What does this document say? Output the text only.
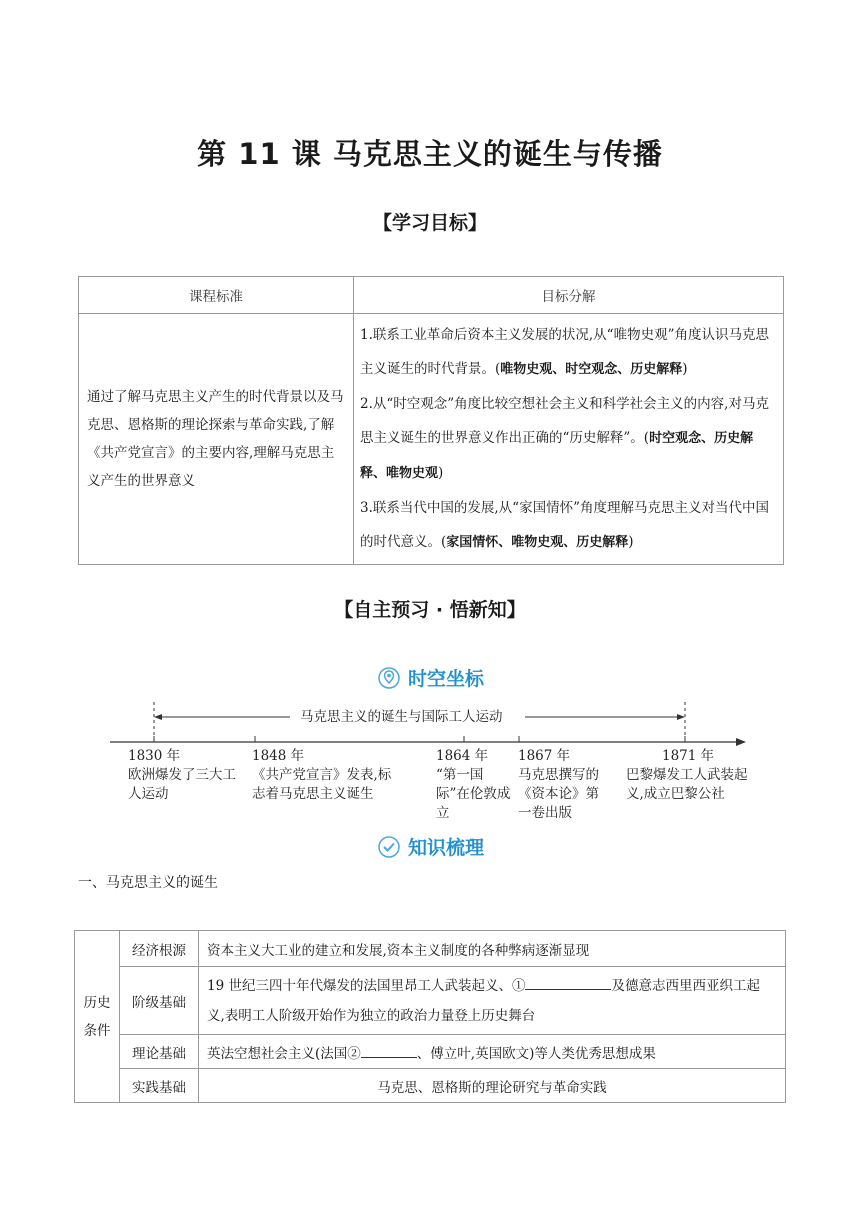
第 11 课 马克思主义的诞生与传播
【学习目标】
课程标准	目标分解
通过了解马克思主义产生的时代背景以及马克思、恩格斯的理论探索与革命实践,了解《共产党宣言》的主要内容,理解马克思主义产生的世界意义	1.联系工业革命后资本主义发展的状况,从“唯物史观”角度认识马克思主义诞生的时代背景。(唯物史观、时空观念、历史解释)
2.从“时空观念”角度比较空想社会主义和科学社会主义的内容,对马克思主义诞生的世界意义作出正确的“历史解释”。(时空观念、历史解释、唯物史观)
3.联系当代中国的发展,从“家国情怀”角度理解马克思主义对当代中国的时代意义。(家国情怀、唯物史观、历史解释)
【自主预习 · 悟新知】
时空坐标
马克思主义的诞生与国际工人运动
1830 年
欧洲爆发了三大工人运动
1848 年
《共产党宣言》发表,标志着马克思主义诞生
1864 年
“第一国际”在伦敦成立
1867 年
马克思撰写的《资本论》第一卷出版
1871 年
巴黎爆发工人武装起义,成立巴黎公社
知识梳理
一、马克思主义的诞生
历史条件	经济根源	资本主义大工业的建立和发展,资本主义制度的各种弊病逐渐显现
	阶级基础	19 世纪三四十年代爆发的法国里昂工人武装起义、① 及德意志西里西亚织工起义,表明工人阶级开始作为独立的政治力量登上历史舞台
	理论基础	英法空想社会主义(法国② 、傅立叶,英国欧文)等人类优秀思想成果
	实践基础	马克思、恩格斯的理论研究与革命实践
